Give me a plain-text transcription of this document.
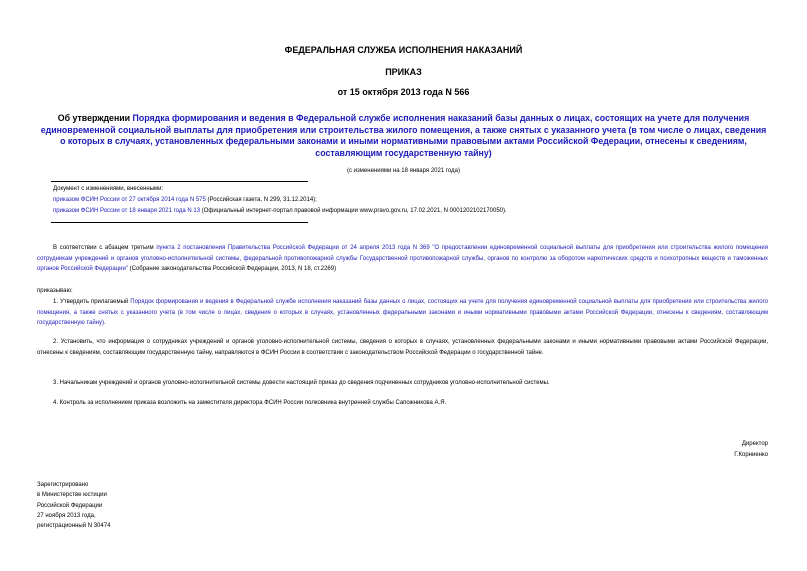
ФЕДЕРАЛЬНАЯ СЛУЖБА ИСПОЛНЕНИЯ НАКАЗАНИЙ
ПРИКАЗ
от 15 октября 2013 года N 566
Об утверждении Порядка формирования и ведения в Федеральной службе исполнения наказаний базы данных о лицах, состоящих на учете для получения единовременной социальной выплаты для приобретения или строительства жилого помещения, а также снятых с указанного учета (в том числе о лицах, сведения о которых в случаях, установленных федеральными законами и иными нормативными правовыми актами Российской Федерации, отнесены к сведениям, составляющим государственную тайну)
(с изменениями на 18 января 2021 года)
Документ с изменениями, внесенными:
приказом ФСИН России от 27 октября 2014 года N 575 (Российская газета, N 299, 31.12.2014);
приказом ФСИН России от 18 января 2021 года N 13 (Официальный интернет-портал правовой информации www.pravo.gov.ru, 17.02.2021, N 0001202102170050).
В соответствии с абзацем третьим пункта 2 постановления Правительства Российской Федерации от 24 апреля 2013 года N 369 "О предоставлении единовременной социальной выплаты для приобретения или строительства жилого помещения сотрудникам учреждений и органов уголовно-исполнительной системы, федеральной противопожарной службы Государственной противопожарной службы, органов по контролю за оборотом наркотических средств и психотропных веществ и таможенных органов Российской Федерации" (Собрание законодательства Российской Федерации, 2013, N 18, ст.2269)
приказываю:
1. Утвердить прилагаемый Порядок формирования и ведения в Федеральной службе исполнения наказаний базы данных о лицах, состоящих на учете для получения единовременной социальной выплаты для приобретения или строительства жилого помещения, а также снятых с указанного учета (в том числе о лицах, сведения о которых в случаях, установленных федеральными законами и иными нормативными правовыми актами Российской Федерации, отнесены к сведениям, составляющим государственную тайну).
2. Установить, что информация о сотрудниках учреждений и органов уголовно-исполнительной системы, сведения о которых в случаях, установленных федеральными законами и иными нормативными правовыми актами Российской Федерации, отнесены к сведениям, составляющим государственную тайну, направляются в ФСИН России в соответствии с законодательством Российской Федерации о государственной тайне.
3. Начальникам учреждений и органов уголовно-исполнительной системы довести настоящий приказ до сведения подчиненных сотрудников уголовно-исполнительной системы.
4. Контроль за исполнением приказа возложить на заместителя директора ФСИН России полковника внутренней службы Сапожникова А.Я.
Директор
Г.Корниенко
Зарегистрировано
в Министерстве юстиции
Российской Федерации
27 ноября 2013 года,
регистрационный N 30474
